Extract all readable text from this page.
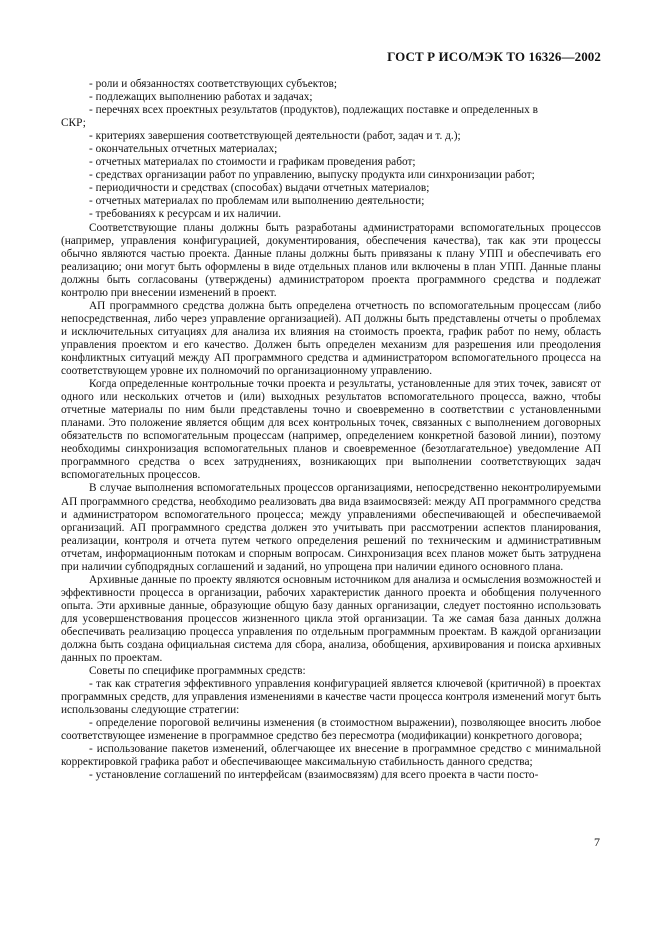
ГОСТ Р ИСО/МЭК ТО 16326—2002

- роли и обязанностях соответствующих субъектов;

- подлежащих выполнению работах и задачах;

- перечнях всех проектных результатов (продуктов), подлежащих поставке и определенных в

СКР;

- критериях завершения соответствующей деятельности (работ, задач и т. д.);

- окончательных отчетных материалах;

- отчетных материалах по стоимости и графикам проведения работ;

- средствах организации работ по управлению, выпуску продукта или синхронизации работ;

- периодичности и средствах (способах) выдачи отчетных материалов;

- отчетных материалах по проблемам или выполнению деятельности;

- требованиях к ресурсам и их наличии.

Соответствующие планы должны быть разработаны администраторами вспомогательных процессов (например, управления конфигурацией, документирования, обеспечения качества), так как эти процессы обычно являются частью проекта. Данные планы должны быть привязаны к плану УПП и обеспечивать его реализацию; они могут быть оформлены в виде отдельных планов или включены в план УПП. Данные планы должны быть согласованы (утверждены) администратором проекта программного средства и подлежат контролю при внесении изменений в проект.

АП программного средства должна быть определена отчетность по вспомогательным процессам (либо непосредственная, либо через управление организацией). АП должны быть представлены отчеты о проблемах и исключительных ситуациях для анализа их влияния на стоимость проекта, график работ по нему, область управления проектом и его качество. Должен быть определен механизм для разрешения или преодоления конфликтных ситуаций между АП программного средства и администратором вспомогательного процесса на соответствующем уровне их полномочий по организационному управлению.

Когда определенные контрольные точки проекта и результаты, установленные для этих точек, зависят от одного или нескольких отчетов и (или) выходных результатов вспомогательного процесса, важно, чтобы отчетные материалы по ним были представлены точно и своевременно в соответствии с установленными планами. Это положение является общим для всех контрольных точек, связанных с выполнением договорных обязательств по вспомогательным процессам (например, определением конкретной базовой линии), поэтому необходимы синхронизация вспомогательных планов и своевременное (безотлагательное) уведомление АП программного средства о всех затруднениях, возникающих при выполнении соответствующих задач вспомогательных процессов.

В случае выполнения вспомогательных процессов организациями, непосредственно неконтролируемыми АП программного средства, необходимо реализовать два вида взаимосвязей: между АП программного средства и администратором вспомогательного процесса; между управлениями обеспечивающей и обеспечиваемой организаций. АП программного средства должен это учитывать при рассмотрении аспектов планирования, реализации, контроля и отчета путем четкого определения решений по техническим и административным отчетам, информационным потокам и спорным вопросам. Синхронизация всех планов может быть затруднена при наличии субподрядных соглашений и заданий, но упрощена при наличии единого основного плана.

Архивные данные по проекту являются основным источником для анализа и осмысления возможностей и эффективности процесса в организации, рабочих характеристик данного проекта и обобщения полученного опыта. Эти архивные данные, образующие общую базу данных организации, следует постоянно использовать для усовершенствования процессов жизненного цикла этой организации. Та же самая база данных должна обеспечивать реализацию процесса управления по отдельным программным проектам. В каждой организации должна быть создана официальная система для сбора, анализа, обобщения, архивирования и поиска архивных данных по проектам.

Советы по специфике программных средств:

- так как стратегия эффективного управления конфигурацией является ключевой (критичной) в проектах программных средств, для управления изменениями в качестве части процесса контроля изменений могут быть использованы следующие стратегии:

- определение пороговой величины изменения (в стоимостном выражении), позволяющее вносить любое соответствующее изменение в программное средство без пересмотра (модификации) конкретного договора;

- использование пакетов изменений, облегчающее их внесение в программное средство с минимальной корректировкой графика работ и обеспечивающее максимальную стабильность данного средства;

- установление соглашений по интерфейсам (взаимосвязям) для всего проекта в части посто-

7
